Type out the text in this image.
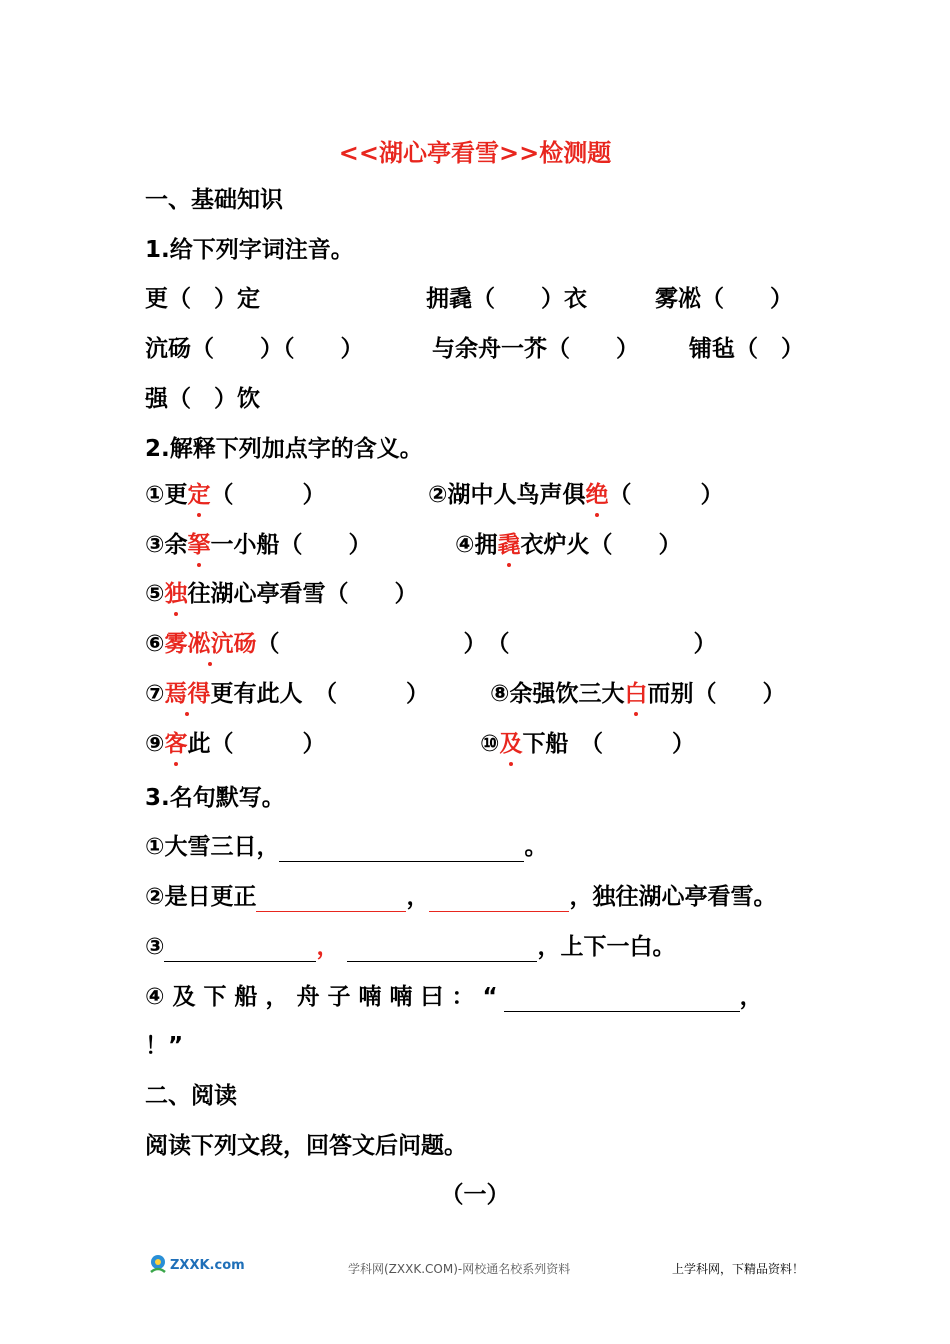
<<湖心亭看雪>>检测题
一、基础知识
1.给下列字词注音。
更（　）定	拥毳（　　）衣	雾凇（　　）
沆砀（　　）（　　）	与余舟一芥（　　） 铺毡（　）
强（　）饮
2.解释下列加点字的含义。
①更定（　　　）	②湖中人鸟声俱绝（　　　）
③余拏一小船（　　）	④拥毳衣炉火（　　）
⑤独往湖心亭看雪（　　）
⑥雾凇沆砀（　　　　　　　　）　（　　　　　　　　）
⑦焉得更有此人　（　　　）	⑧余强饮三大白而别（　　）
⑨客此（　　　）	⑩及下船　（　　　）
3.名句默写。
①大雪三日，	。
②是日更正	，	，独往湖心亭看雪。
③	，	，上下一白。
④ 及 下 船 ， 舟 子 喃 喃 曰 ： “	，
！”
二、阅读
阅读下列文段，回答文后问题。
（一）
ZXXK.com	学科网(ZXXK.COM)-网校通名校系列资料	上学科网，下精品资料！
